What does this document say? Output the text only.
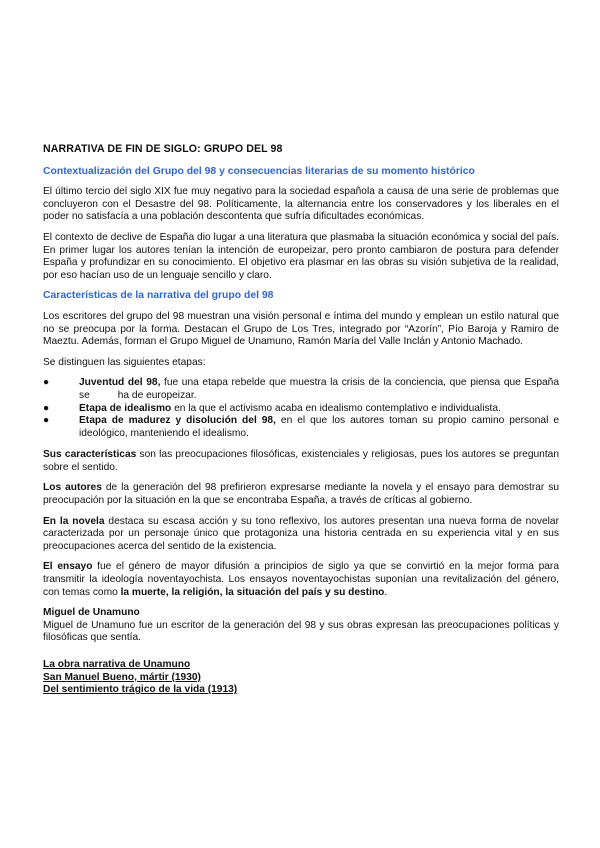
NARRATIVA DE FIN DE SIGLO: GRUPO DEL 98
Contextualización del Grupo del 98 y consecuencias literarias de su momento histórico

El último tercio del siglo XIX fue muy negativo para la sociedad española a causa de una serie de problemas que concluyeron con el Desastre del 98. Políticamente, la alternancia entre los conservadores y los liberales en el poder no satisfacía a una población descontenta que sufría dificultades económicas.

El contexto de declive de España dio lugar a una literatura que plasmaba la situación económica y social del país. En primer lugar los autores tenían la intención de europeizar, pero pronto cambiaron de postura para defender España y profundizar en su conocimiento. El objetivo era plasmar en las obras su visión subjetiva de la realidad, por eso hacían uso de un lenguaje sencillo y claro.

Características de la narrativa del grupo del 98

Los escritores del grupo del 98 muestran una visión personal e íntima del mundo y emplean un estilo natural que no se preocupa por la forma. Destacan el Grupo de Los Tres, integrado por “Azorín”, Pío Baroja y Ramiro de Maeztu. Además, forman el Grupo Miguel de Unamuno, Ramón María del Valle Inclán y Antonio Machado.

Se distinguen las siguientes etapas:

●	Juventud del 98, fue una etapa rebelde que muestra la crisis de la conciencia, que piensa que España se	ha de europeizar.
●	Etapa de idealismo en la que el activismo acaba en idealismo contemplativo e individualista.
●	Etapa de madurez y disolución del 98, en el que los autores toman su propio camino personal e ideológico, manteniendo el idealismo.

Sus características son las preocupaciones filosóficas, existenciales y religiosas, pues los autores se preguntan sobre el sentido.

Los autores de la generación del 98 prefirieron expresarse mediante la novela y el ensayo para demostrar su preocupación por la situación en la que se encontraba España, a través de críticas al gobierno.

En la novela destaca su escasa acción y su tono reflexivo, los autores presentan una nueva forma de novelar caracterizada por un personaje único que protagoniza una historia centrada en su experiencia vital y en sus preocupaciones acerca del sentido de la existencia.

El ensayo fue el género de mayor difusión a principios de siglo ya que se convirtió en la mejor forma para transmitir la ideología noventayochista. Los ensayos noventayochistas suponían una revitalización del género, con temas como la muerte, la religión, la situación del país y su destino.

Miguel de Unamuno

Miguel de Unamuno fue un escritor de la generación del 98 y sus obras expresan las preocupaciones políticas y filosóficas que sentía.

La obra narrativa de Unamuno
San Manuel Bueno, mártir (1930)
Del sentimiento trágico de la vida (1913)
